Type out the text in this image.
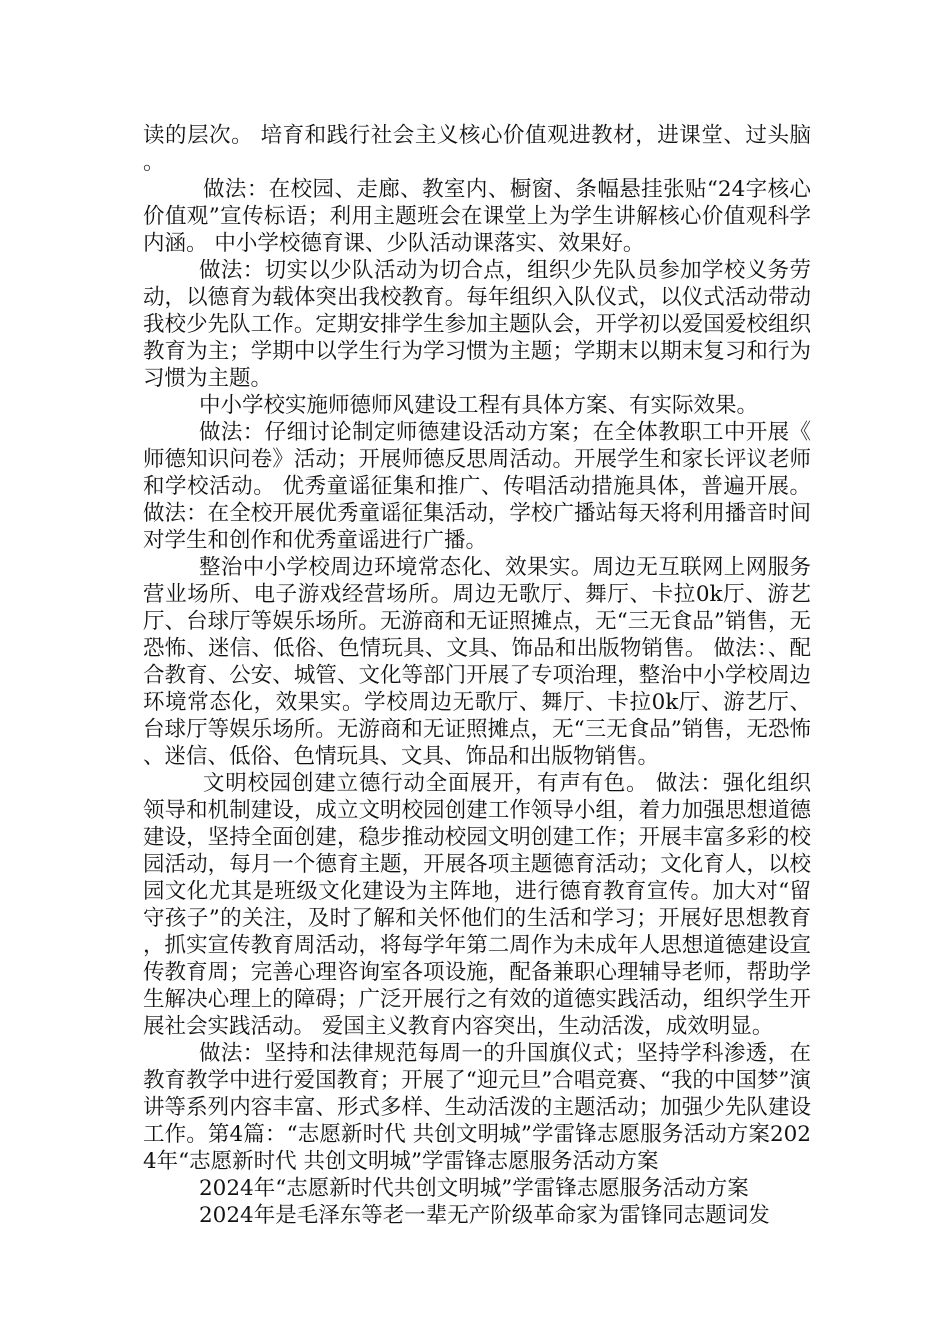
读的层次。 培育和践行社会主义核心价值观进教材，进课堂、过头脑。

做法：在校园、走廊、教室内、橱窗、条幅悬挂张贴“24字核心价值观”宣传标语；利用主题班会在课堂上为学生讲解核心价值观科学内涵。 中小学校德育课、少队活动课落实、效果好。

做法：切实以少队活动为切合点，组织少先队员参加学校义务劳动，以德育为载体突出我校教育。每年组织入队仪式，以仪式活动带动我校少先队工作。定期安排学生参加主题队会，开学初以爱国爱校组织教育为主；学期中以学生行为学习惯为主题；学期末以期末复习和行为习惯为主题。

中小学校实施师德师风建设工程有具体方案、有实际效果。

做法：仔细讨论制定师德建设活动方案；在全体教职工中开展《师德知识问卷》活动；开展师德反思周活动。开展学生和家长评议老师和学校活动。 优秀童谣征集和推广、传唱活动措施具体，普遍开展。 做法：在全校开展优秀童谣征集活动，学校广播站每天将利用播音时间对学生和创作和优秀童谣进行广播。

整治中小学校周边环境常态化、效果实。周边无互联网上网服务营业场所、电子游戏经营场所。周边无歌厅、舞厅、卡拉0k厅、游艺厅、台球厅等娱乐场所。无游商和无证照摊点，无“三无食品”销售，无恐怖、迷信、低俗、色情玩具、文具、饰品和出版物销售。 做法：、配合教育、公安、城管、文化等部门开展了专项治理，整治中小学校周边环境常态化，效果实。学校周边无歌厅、舞厅、卡拉0k厅、游艺厅、台球厅等娱乐场所。无游商和无证照摊点，无“三无食品”销售，无恐怖、迷信、低俗、色情玩具、文具、饰品和出版物销售。

文明校园创建立德行动全面展开，有声有色。 做法：强化组织领导和机制建设，成立文明校园创建工作领导小组，着力加强思想道德建设，坚持全面创建，稳步推动校园文明创建工作；开展丰富多彩的校园活动，每月一个德育主题，开展各项主题德育活动；文化育人，以校园文化尤其是班级文化建设为主阵地，进行德育教育宣传。加大对“留守孩子”的关注，及时了解和关怀他们的生活和学习；开展好思想教育，抓实宣传教育周活动，将每学年第二周作为未成年人思想道德建设宣传教育周；完善心理咨询室各项设施，配备兼职心理辅导老师，帮助学生解决心理上的障碍；广泛开展行之有效的道德实践活动，组织学生开展社会实践活动。 爱国主义教育内容突出，生动活泼，成效明显。

做法：坚持和法律规范每周一的升国旗仪式；坚持学科渗透，在教育教学中进行爱国教育；开展了“迎元旦”合唱竞赛、“我的中国梦”演讲等系列内容丰富、形式多样、生动活泼的主题活动；加强少先队建设工作。第4篇：“志愿新时代 共创文明城”学雷锋志愿服务活动方案2024年“志愿新时代 共创文明城”学雷锋志愿服务活动方案

2024年“志愿新时代共创文明城”学雷锋志愿服务活动方案

2024年是毛泽东等老一辈无产阶级革命家为雷锋同志题词发
